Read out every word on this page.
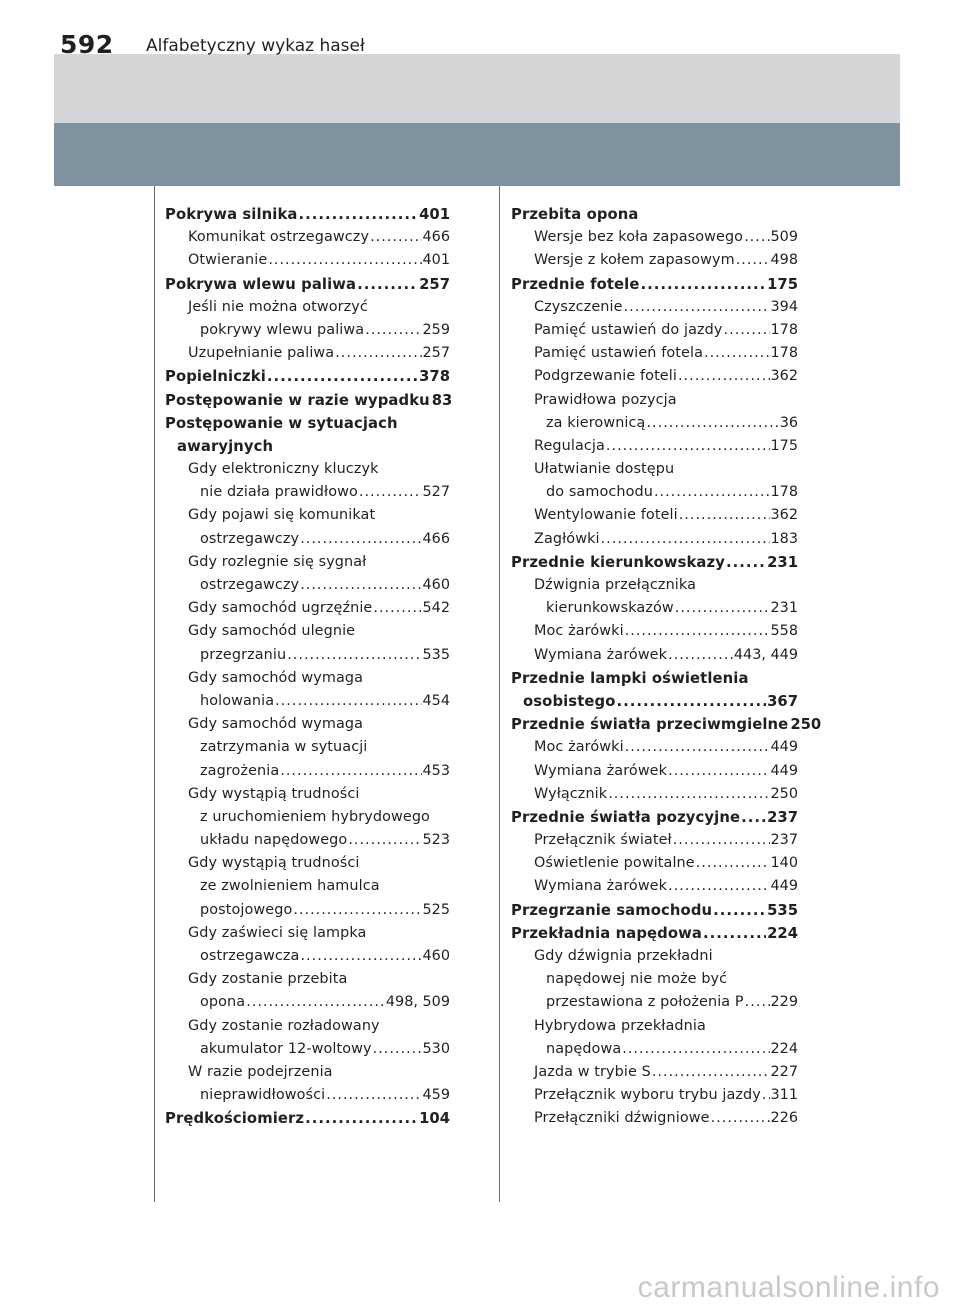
592 Alfabetyczny wykaz haseł
Pokrywa silnika .....	401
Komunikat ostrzegawczy .....	466
Otwieranie .....	401
Pokrywa wlewu paliwa .....	257
Jeśli nie można otworzyć
pokrywy wlewu paliwa .....	259
Uzupełnianie paliwa .....	257
Popielniczki .....	378
Postępowanie w razie wypadku 83
Postępowanie w sytuacjach
awaryjnych
Gdy elektroniczny kluczyk
nie działa prawidłowo .....	527
Gdy pojawi się komunikat
ostrzegawczy .....	466
Gdy rozlegnie się sygnał
ostrzegawczy .....	460
Gdy samochód ugrzęźnie .....	542
Gdy samochód ulegnie
przegrzaniu .....	535
Gdy samochód wymaga
holowania .....	454
Gdy samochód wymaga
zatrzymania w sytuacji
zagrożenia .....	453
Gdy wystąpią trudności
z uruchomieniem hybrydowego
układu napędowego .....	523
Gdy wystąpią trudności
ze zwolnieniem hamulca
postojowego .....	525
Gdy zaświeci się lampka
ostrzegawcza .....	460
Gdy zostanie przebita
opona .....	498, 509
Gdy zostanie rozładowany
akumulator 12-woltowy .....	530
W razie podejrzenia
nieprawidłowości .....	459
Prędkościomierz .....	104
Przebita opona
Wersje bez koła zapasowego ..... 509
Wersje z kołem zapasowym ..... 498
Przednie fotele .....	175
Czyszczenie .....	394
Pamięć ustawień do jazdy .....	178
Pamięć ustawień fotela .....	178
Podgrzewanie foteli .....	362
Prawidłowa pozycja
za kierownicą .....	36
Regulacja .....	175
Ułatwianie dostępu
do samochodu .....	178
Wentylowanie foteli .....	362
Zagłówki .....	183
Przednie kierunkowskazy .....	231
Dźwignia przełącznika
kierunkowskazów .....	231
Moc żarówki .....	558
Wymiana żarówek .....	443, 449
Przednie lampki oświetlenia
osobistego .....	367
Przednie światła przeciwmgielne 250
Moc żarówki .....	449
Wymiana żarówek .....	449
Wyłącznik .....	250
Przednie światła pozycyjne ..... 237
Przełącznik świateł .....	237
Oświetlenie powitalne .....	140
Wymiana żarówek .....	449
Przegrzanie samochodu .....	535
Przekładnia napędowa .....	224
Gdy dźwignia przekładni
napędowej nie może być
przestawiona z położenia P ..... 229
Hybrydowa przekładnia
napędowa .....	224
Jazda w trybie S .....	227
Przełącznik wyboru trybu jazdy ..... 311
Przełączniki dźwigniowe .....	226
carmanualsonline.info
